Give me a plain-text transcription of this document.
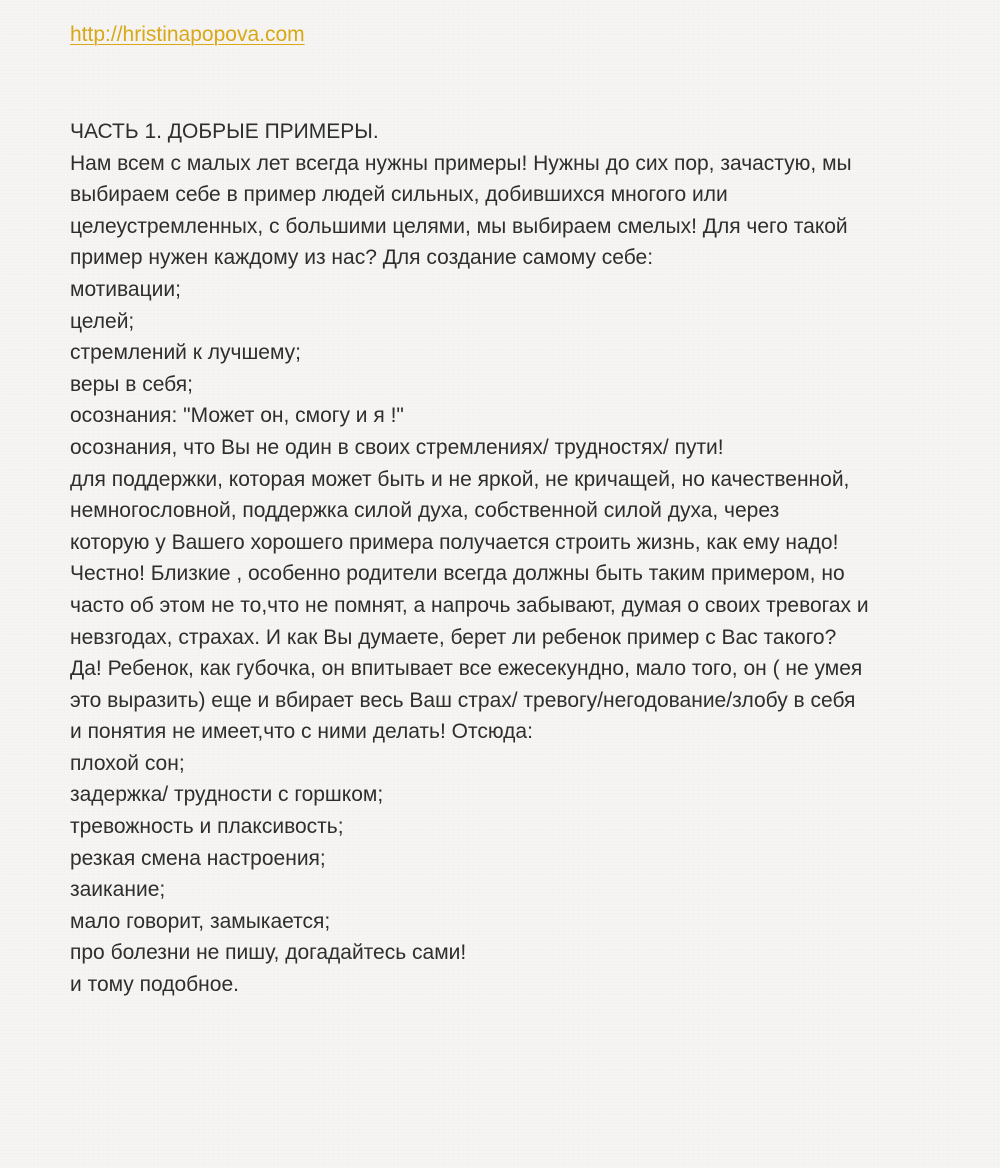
http://hristinapopova.com
ЧАСТЬ 1. ДОБРЫЕ ПРИМЕРЫ.
Нам всем с малых лет всегда нужны примеры! Нужны до сих пор, зачастую, мы
выбираем себе в пример людей сильных, добившихся многого или
целеустремленных, с большими целями, мы выбираем смелых! Для чего такой
пример нужен каждому из нас? Для создание самому себе:
мотивации;
целей;
стремлений к лучшему;
веры в себя;
осознания: "Может он, смогу и я !"
осознания, что Вы не один в своих стремлениях/ трудностях/ пути!
для поддержки, которая может быть и не яркой, не кричащей, но качественной,
немногословной, поддержка силой духа, собственной силой духа, через
которую у Вашего хорошего примера получается строить жизнь, как ему надо!
Честно! Близкие , особенно родители всегда должны быть таким примером, но
часто об этом не то,что не помнят, а напрочь забывают, думая о своих тревогах и
невзгодах, страхах. И как Вы думаете, берет ли ребенок пример с Вас такого?
Да! Ребенок, как губочка, он впитывает все ежесекундно, мало того, он ( не умея
это выразить) еще и вбирает весь Ваш страх/ тревогу/негодование/злобу в себя
и понятия не имеет,что с ними делать! Отсюда:
плохой сон;
задержка/ трудности с горшком;
тревожность и плаксивость;
резкая смена настроения;
заикание;
мало говорит, замыкается;
про болезни не пишу, догадайтесь сами!
и тому подобное.
